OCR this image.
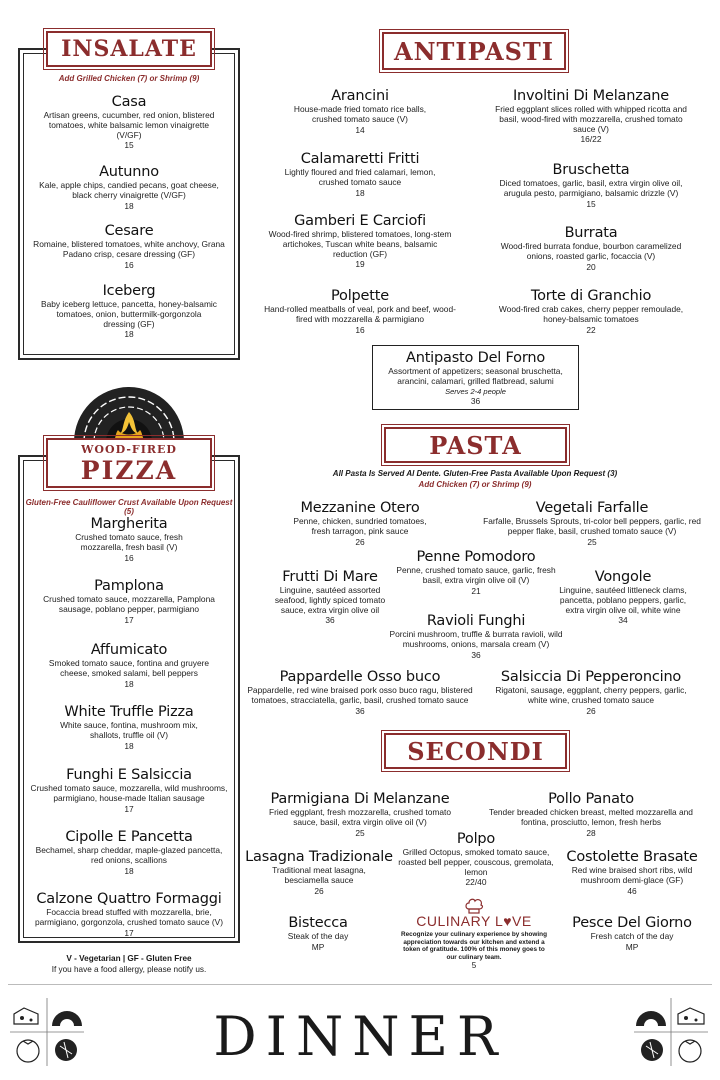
INSALATE
Add Grilled Chicken (7) or Shrimp (9)
Casa
Artisan greens, cucumber, red onion, blistered tomatoes, white balsamic lemon vinaigrette (V/GF)
15
Autunno
Kale, apple chips, candied pecans, goat cheese, black cherry vinaigrette (V/GF)
18
Cesare
Romaine, blistered tomatoes, white anchovy, Grana Padano crisp, cesare dressing (GF)
16
Iceberg
Baby iceberg lettuce, pancetta, honey-balsamic tomatoes, onion, buttermilk-gorgonzola dressing (GF)
18
WOOD-FIRED
PIZZA
Gluten-Free Cauliflower Crust Available Upon Request (5)
Margherita
Crushed tomato sauce, fresh mozzarella, fresh basil (V)
16
Pamplona
Crushed tomato sauce, mozzarella, Pamplona sausage, poblano pepper, parmigiano
17
Affumicato
Smoked tomato sauce, fontina and gruyere cheese, smoked salami, bell peppers
18
White Truffle Pizza
White sauce, fontina, mushroom mix, shallots, truffle oil (V)
18
Funghi E Salsiccia
Crushed tomato sauce, mozzarella, wild mushrooms, parmigiano, house-made Italian sausage
17
Cipolle E Pancetta
Bechamel, sharp cheddar, maple-glazed pancetta, red onions, scallions
18
Calzone Quattro Formaggi
Focaccia bread stuffed with mozzarella, brie, parmigiano, gorgonzola, crushed tomato sauce (V)
17
V - Vegetarian | GF - Gluten Free
If you have a food allergy, please notify us.
ANTIPASTI
Arancini
House-made fried tomato rice balls, crushed tomato sauce (V)
14
Involtini Di Melanzane
Fried eggplant slices rolled with whipped ricotta and basil, wood-fired with mozzarella, crushed tomato sauce (V)
16/22
Calamaretti Fritti
Lightly floured and fried calamari, lemon, crushed tomato sauce
18
Bruschetta
Diced tomatoes, garlic, basil, extra virgin olive oil, arugula pesto, parmigiano, balsamic drizzle (V)
15
Gamberi E Carciofi
Wood-fired shrimp, blistered tomatoes, long-stem artichokes, Tuscan white beans, balsamic reduction (GF)
19
Burrata
Wood-fired burrata fondue, bourbon caramelized onions, roasted garlic, focaccia (V)
20
Polpette
Hand-rolled meatballs of veal, pork and beef, wood-fired with mozzarella & parmigiano
16
Torte di Granchio
Wood-fired crab cakes, cherry pepper remoulade, honey-balsamic tomatoes
22
Antipasto Del Forno
Assortment of appetizers; seasonal bruschetta, arancini, calamari, grilled flatbread, salumi
Serves 2-4 people
36
PASTA
All Pasta Is Served Al Dente. Gluten-Free Pasta Available Upon Request (3)
Add Chicken (7) or Shrimp (9)
Mezzanine Otero
Penne, chicken, sundried tomatoes, fresh tarragon, pink sauce
26
Vegetali Farfalle
Farfalle, Brussels Sprouts, tri-color bell peppers, garlic, red pepper flake, basil, crushed tomato sauce (V)
25
Penne Pomodoro
Penne, crushed tomato sauce, garlic, fresh basil, extra virgin olive oil (V)
21
Frutti Di Mare
Linguine, sautéed assorted seafood, lightly spiced tomato sauce, extra virgin olive oil
36
Vongole
Linguine, sautéed littleneck clams, pancetta, poblano peppers, garlic, extra virgin olive oil, white wine
34
Ravioli Funghi
Porcini mushroom, truffle & burrata ravioli, wild mushrooms, onions, marsala cream (V)
36
Pappardelle Osso buco
Pappardelle, red wine braised pork osso buco ragu, blistered tomatoes, stracciatella, garlic, basil, crushed tomato sauce
36
Salsiccia Di Pepperoncino
Rigatoni, sausage, eggplant, cherry peppers, garlic, white wine, crushed tomato sauce
26
SECONDI
Parmigiana Di Melanzane
Fried eggplant, fresh mozzarella, crushed tomato sauce, basil, extra virgin olive oil (V)
25
Pollo Panato
Tender breaded chicken breast, melted mozzarella and fontina, prosciutto, lemon, fresh herbs
28
Polpo
Grilled Octopus, smoked tomato sauce, roasted bell pepper, couscous, gremolata, lemon
22/40
Lasagna Tradizionale
Traditional meat lasagna, besciamella sauce
26
Costolette Brasate
Red wine braised short ribs, wild mushroom demi-glace (GF)
46
Bistecca
Steak of the day
MP
Pesce Del Giorno
Fresh catch of the day
MP
CULINARY L♥VE
Recognize your culinary experience by showing appreciation towards our kitchen and extend a token of gratitude. 100% of this money goes to our culinary team.
5
DINNER
